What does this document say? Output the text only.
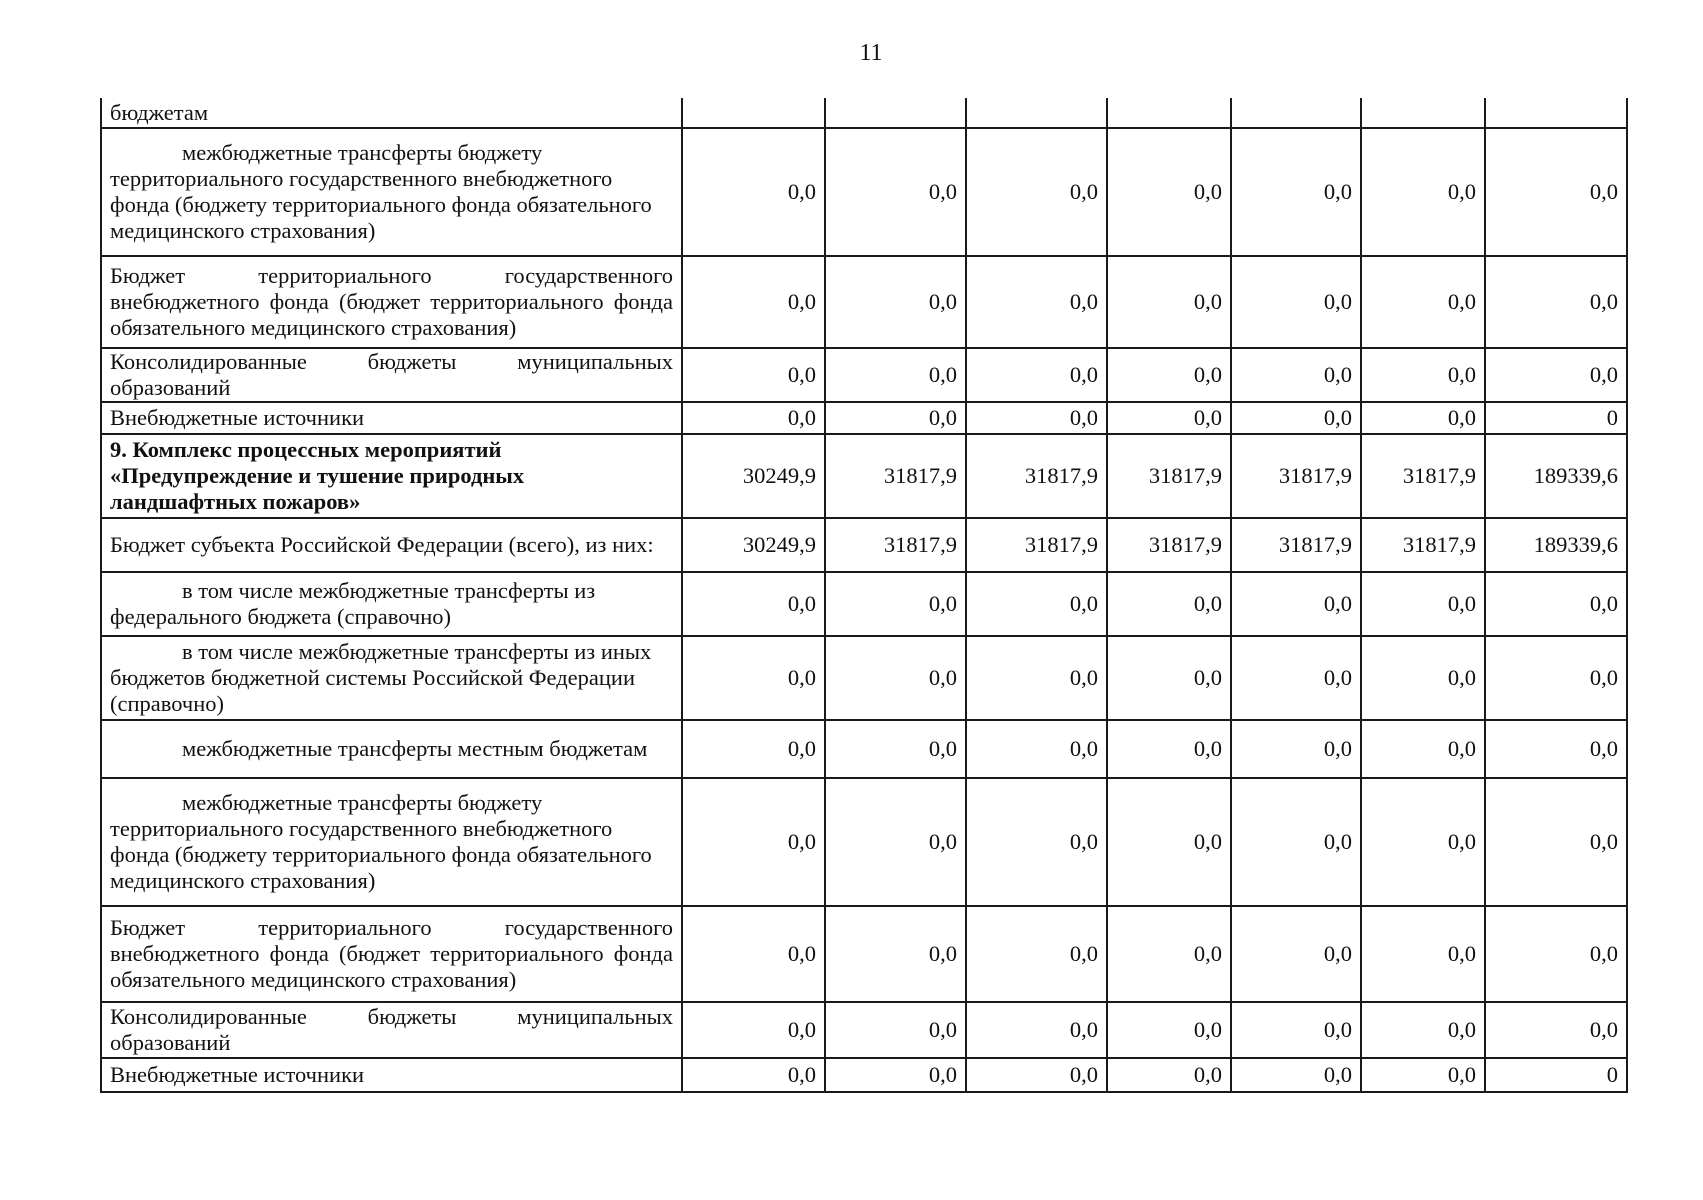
11
бюджетам							
межбюджетные трансферты бюджету территориального государственного внебюджетного фонда (бюджету территориального фонда обязательного медицинского страхования)	0,0	0,0	0,0	0,0	0,0	0,0	0,0
Бюджет территориального государственного внебюджетного фонда (бюджет территориального фонда обязательного медицинского страхования)	0,0	0,0	0,0	0,0	0,0	0,0	0,0
Консолидированные бюджеты муниципальных образований	0,0	0,0	0,0	0,0	0,0	0,0	0,0
Внебюджетные источники	0,0	0,0	0,0	0,0	0,0	0,0	0
9. Комплекс процессных мероприятий «Предупреждение и тушение природных ландшафтных пожаров»	30249,9	31817,9	31817,9	31817,9	31817,9	31817,9	189339,6
Бюджет субъекта Российской Федерации (всего), из них:	30249,9	31817,9	31817,9	31817,9	31817,9	31817,9	189339,6
в том числе межбюджетные трансферты из федерального бюджета (справочно)	0,0	0,0	0,0	0,0	0,0	0,0	0,0
в том числе межбюджетные трансферты из иных бюджетов бюджетной системы Российской Федерации (справочно)	0,0	0,0	0,0	0,0	0,0	0,0	0,0
межбюджетные трансферты местным бюджетам	0,0	0,0	0,0	0,0	0,0	0,0	0,0
межбюджетные трансферты бюджету территориального государственного внебюджетного фонда (бюджету территориального фонда обязательного медицинского страхования)	0,0	0,0	0,0	0,0	0,0	0,0	0,0
Бюджет территориального государственного внебюджетного фонда (бюджет территориального фонда обязательного медицинского страхования)	0,0	0,0	0,0	0,0	0,0	0,0	0,0
Консолидированные бюджеты муниципальных образований	0,0	0,0	0,0	0,0	0,0	0,0	0,0
Внебюджетные источники	0,0	0,0	0,0	0,0	0,0	0,0	0
